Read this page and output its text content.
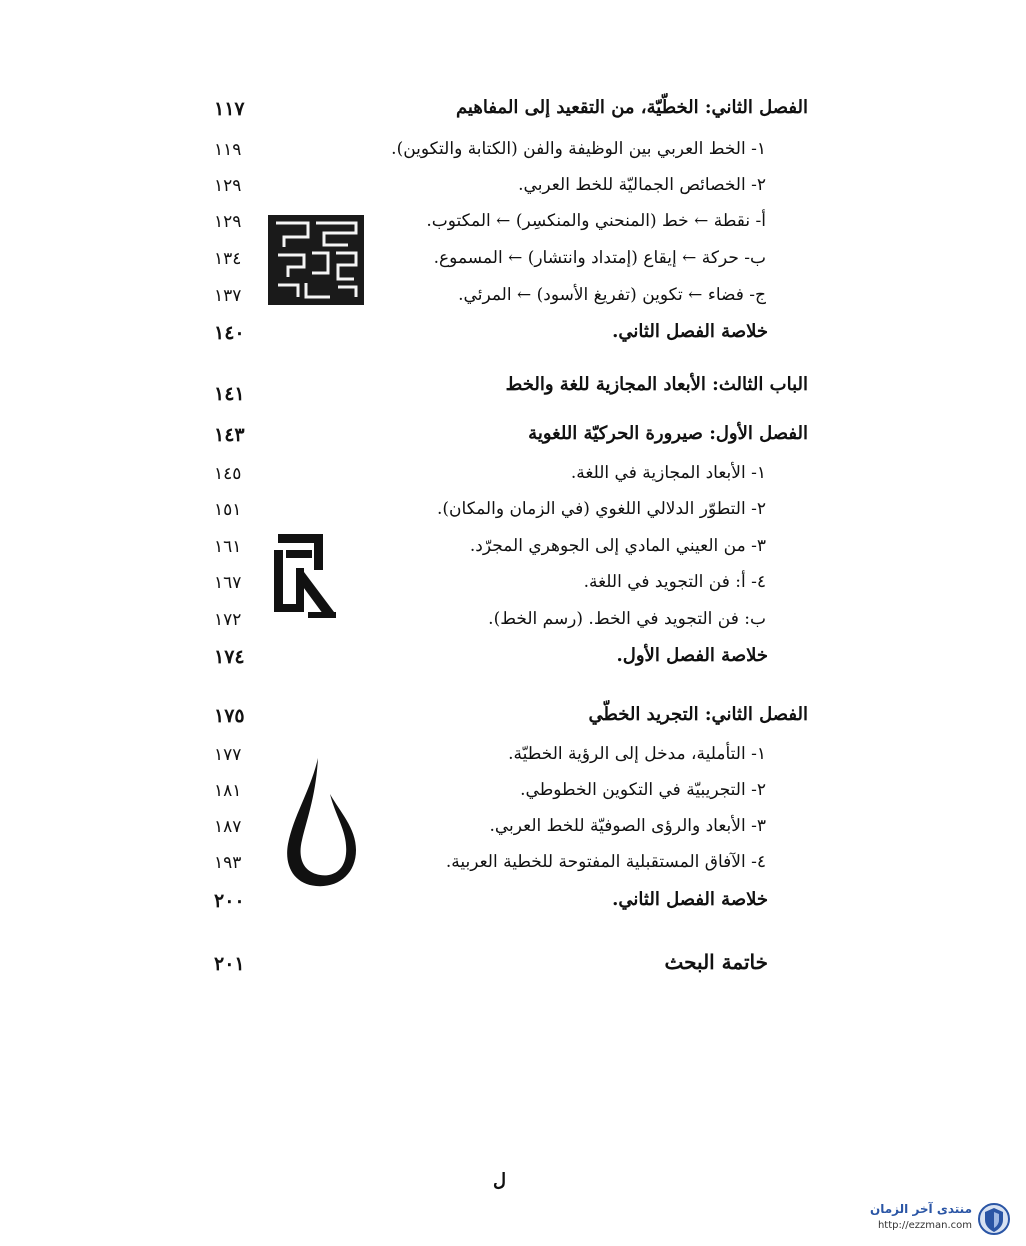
الفصل الثاني: الخطّيّة، من التقعيد إلى المفاهيم
١١٧
١- الخط العربي بين الوظيفة والفن (الكتابة والتكوين).
١١٩
٢- الخصائص الجماليّة للخط العربي.
١٢٩
أ- نقطة ← خط (المنحني والمنكسِر) ← المكتوب.
١٢٩
ب- حركة ← إيقاع (إمتداد وانتشار) ← المسموع.
١٣٤
ج- فضاء ← تكوين (تفريغ الأسود) ← المرئي.
١٣٧
خلاصة الفصل الثاني.
١٤٠
الباب الثالث: الأبعاد المجازية للغة والخط
١٤١
الفصل الأول: صيرورة الحركيّة اللغوية
١٤٣
١- الأبعاد المجازية في اللغة.
١٤٥
٢- التطوّر الدلالي اللغوي (في الزمان والمكان).
١٥١
٣- من العيني المادي إلى الجوهري المجرّد.
١٦١
٤- أ: فن التجويد في اللغة.
١٦٧
ب: فن التجويد في الخط. (رسم الخط).
١٧٢
خلاصة الفصل الأول.
١٧٤
الفصل الثاني: التجريد الخطّي
١٧٥
١- التأملية، مدخل إلى الرؤية الخطيّة.
١٧٧
٢- التجريبيّة في التكوين الخطوطي.
١٨١
٣- الأبعاد والرؤى الصوفيّة للخط العربي.
١٨٧
٤- الآفاق المستقبلية المفتوحة للخطية العربية.
١٩٣
خلاصة الفصل الثاني.
٢٠٠
خاتمة البحث
٢٠١
ل
منتدى آخر الزمان
http://ezzman.com
